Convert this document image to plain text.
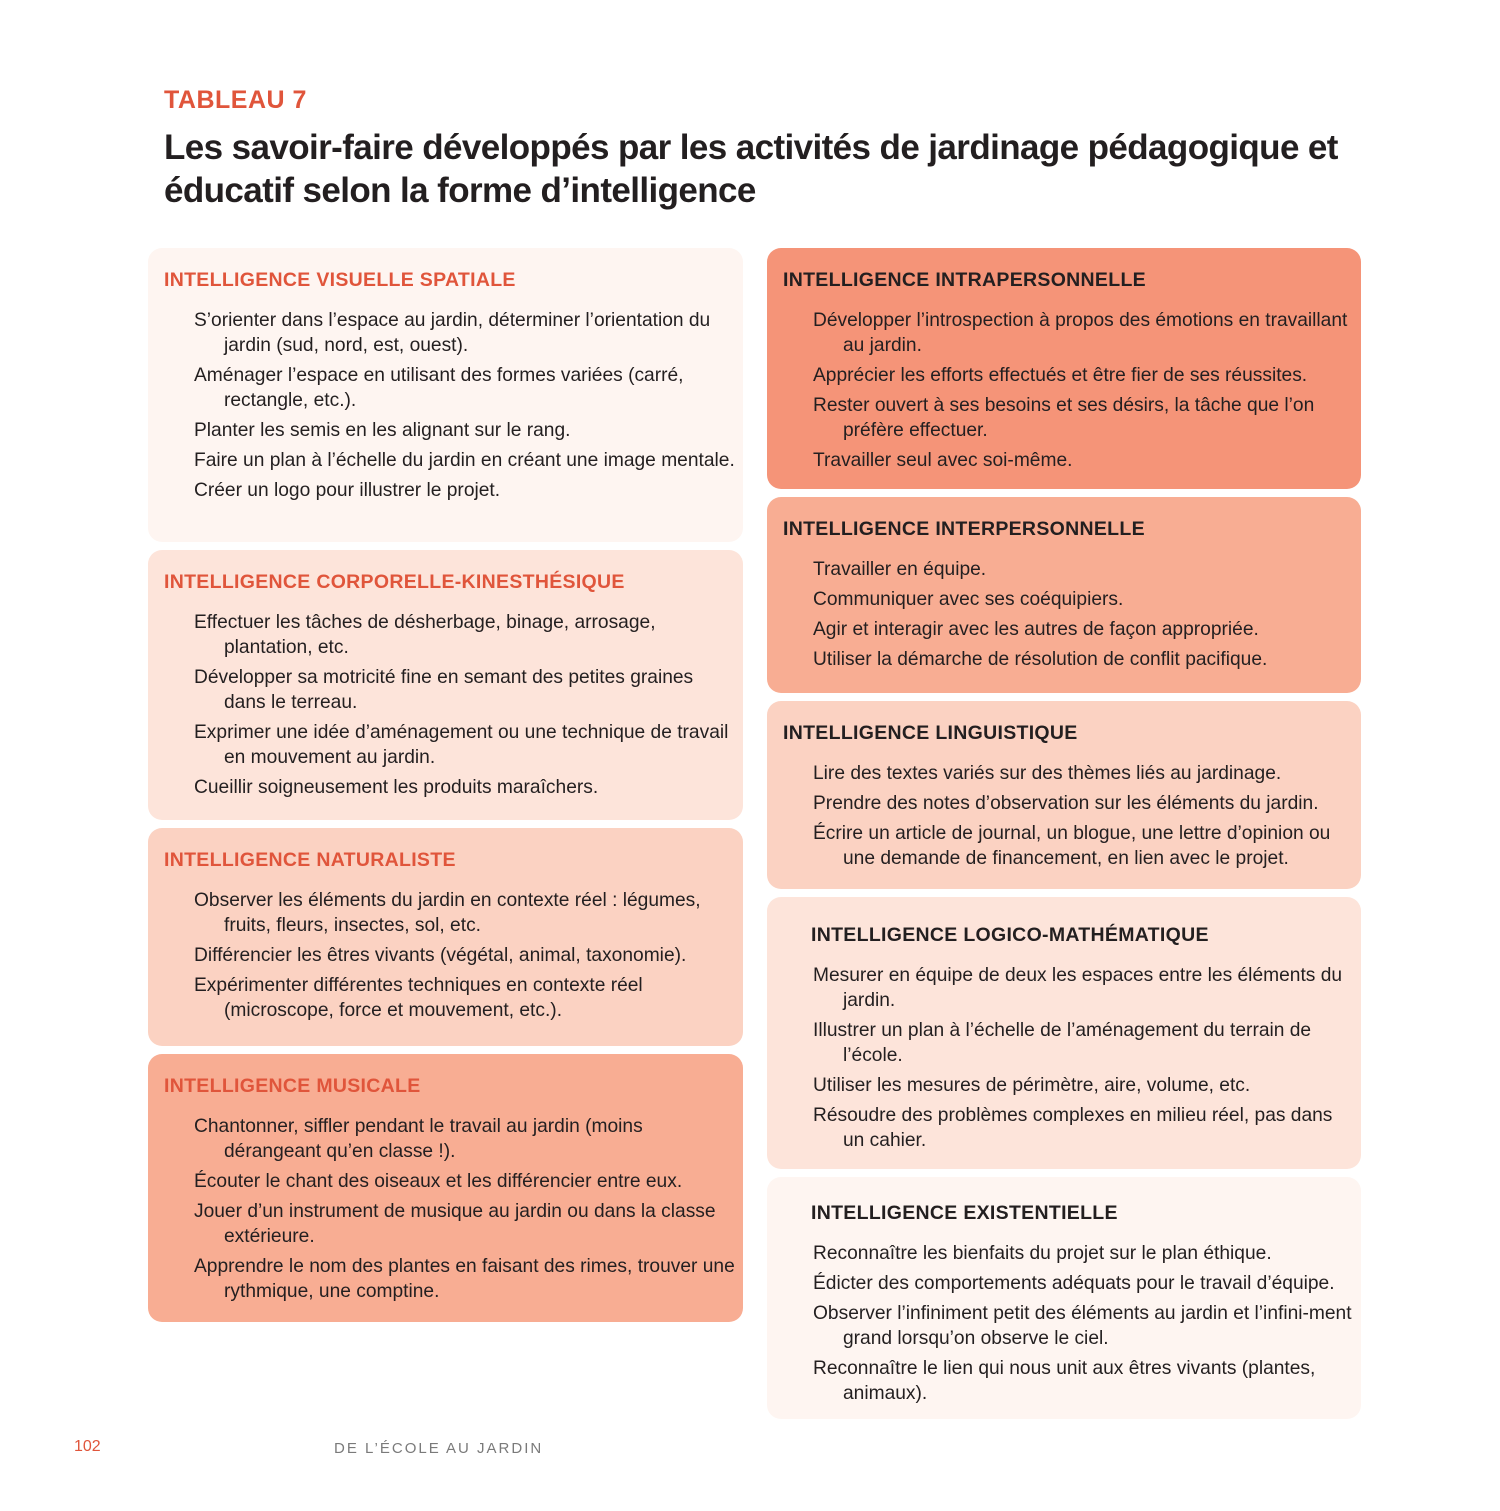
TABLEAU 7
Les savoir-faire développés par les activités de jardinage pédagogique et éducatif selon la forme d’intelligence
INTELLIGENCE VISUELLE SPATIALE
S’orienter dans l’espace au jardin, déterminer l’orientation du jardin (sud, nord, est, ouest).
Aménager l’espace en utilisant des formes variées (carré, rectangle, etc.).
Planter les semis en les alignant sur le rang.
Faire un plan à l’échelle du jardin en créant une image mentale.
Créer un logo pour illustrer le projet.
INTELLIGENCE CORPORELLE-KINESTHÉSIQUE
Effectuer les tâches de désherbage, binage, arrosage, plantation, etc.
Développer sa motricité fine en semant des petites graines dans le terreau.
Exprimer une idée d’aménagement ou une technique de travail en mouvement au jardin.
Cueillir soigneusement les produits maraîchers.
INTELLIGENCE NATURALISTE
Observer les éléments du jardin en contexte réel : légumes, fruits, fleurs, insectes, sol, etc.
Différencier les êtres vivants (végétal, animal, taxonomie).
Expérimenter différentes techniques en contexte réel (microscope, force et mouvement, etc.).
INTELLIGENCE MUSICALE
Chantonner, siffler pendant le travail au jardin (moins dérangeant qu’en classe !).
Écouter le chant des oiseaux et les différencier entre eux.
Jouer d’un instrument de musique au jardin ou dans la classe extérieure.
Apprendre le nom des plantes en faisant des rimes, trouver une rythmique, une comptine.
INTELLIGENCE INTRAPERSONNELLE
Développer l’introspection à propos des émotions en travaillant au jardin.
Apprécier les efforts effectués et être fier de ses réussites.
Rester ouvert à ses besoins et ses désirs, la tâche que l’on préfère effectuer.
Travailler seul avec soi-même.
INTELLIGENCE INTERPERSONNELLE
Travailler en équipe.
Communiquer avec ses coéquipiers.
Agir et interagir avec les autres de façon appropriée.
Utiliser la démarche de résolution de conflit pacifique.
INTELLIGENCE LINGUISTIQUE
Lire des textes variés sur des thèmes liés au jardinage.
Prendre des notes d’observation sur les éléments du jardin.
Écrire un article de journal, un blogue, une lettre d’opinion ou une demande de financement, en lien avec le projet.
INTELLIGENCE LOGICO-MATHÉMATIQUE
Mesurer en équipe de deux les espaces entre les éléments du jardin.
Illustrer un plan à l’échelle de l’aménagement du terrain de l’école.
Utiliser les mesures de périmètre, aire, volume, etc.
Résoudre des problèmes complexes en milieu réel, pas dans un cahier.
INTELLIGENCE EXISTENTIELLE
Reconnaître les bienfaits du projet sur le plan éthique.
Édicter des comportements adéquats pour le travail d’équipe.
Observer l’infiniment petit des éléments au jardin et l’infini-ment grand lorsqu’on observe le ciel.
Reconnaître le lien qui nous unit aux êtres vivants (plantes, animaux).
102	DE L’ÉCOLE AU JARDIN
